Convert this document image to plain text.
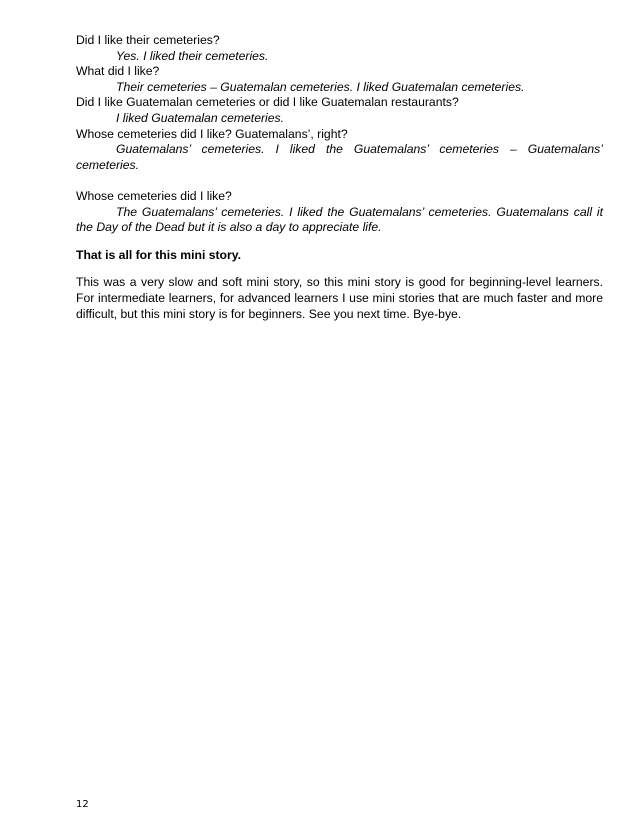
Did I like their cemeteries?
Yes. I liked their cemeteries.
What did I like?
Their cemeteries – Guatemalan cemeteries. I liked Guatemalan cemeteries.
Did I like Guatemalan cemeteries or did I like Guatemalan restaurants?
I liked Guatemalan cemeteries.
Whose cemeteries did I like? Guatemalans’, right?
Guatemalans’ cemeteries. I liked the Guatemalans’ cemeteries – Guatemalans’ cemeteries.
Whose cemeteries did I like?
The Guatemalans’ cemeteries. I liked the Guatemalans’ cemeteries. Guatemalans call it the Day of the Dead but it is also a day to appreciate life.
That is all for this mini story.
This was a very slow and soft mini story, so this mini story is good for beginning-level learners. For intermediate learners, for advanced learners I use mini stories that are much faster and more difficult, but this mini story is for beginners. See you next time. Bye-bye.
12
